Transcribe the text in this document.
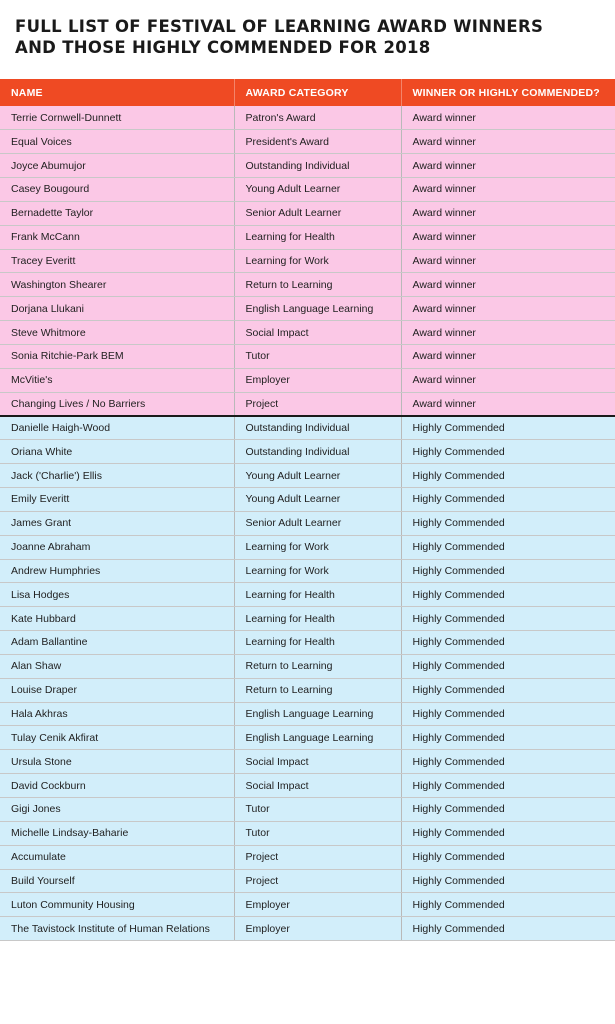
FULL LIST OF FESTIVAL OF LEARNING AWARD WINNERS
AND THOSE HIGHLY COMMENDED FOR 2018
NAME	AWARD CATEGORY	WINNER OR HIGHLY COMMENDED?
Terrie Cornwell-Dunnett	Patron's Award	Award winner
Equal Voices	President's Award	Award winner
Joyce Abumujor	Outstanding Individual	Award winner
Casey Bougourd	Young Adult Learner	Award winner
Bernadette Taylor	Senior Adult Learner	Award winner
Frank McCann	Learning for Health	Award winner
Tracey Everitt	Learning for Work	Award winner
Washington Shearer	Return to Learning	Award winner
Dorjana Llukani	English Language Learning	Award winner
Steve Whitmore	Social Impact	Award winner
Sonia Ritchie-Park BEM	Tutor	Award winner
McVitie's	Employer	Award winner
Changing Lives / No Barriers	Project	Award winner
Danielle Haigh-Wood	Outstanding Individual	Highly Commended
Oriana White	Outstanding Individual	Highly Commended
Jack ('Charlie') Ellis	Young Adult Learner	Highly Commended
Emily Everitt	Young Adult Learner	Highly Commended
James Grant	Senior Adult Learner	Highly Commended
Joanne Abraham	Learning for Work	Highly Commended
Andrew Humphries	Learning for Work	Highly Commended
Lisa Hodges	Learning for Health	Highly Commended
Kate Hubbard	Learning for Health	Highly Commended
Adam Ballantine	Learning for Health	Highly Commended
Alan Shaw	Return to Learning	Highly Commended
Louise Draper	Return to Learning	Highly Commended
Hala Akhras	English Language Learning	Highly Commended
Tulay Cenik Akfirat	English Language Learning	Highly Commended
Ursula Stone	Social Impact	Highly Commended
David Cockburn	Social Impact	Highly Commended
Gigi Jones	Tutor	Highly Commended
Michelle Lindsay-Baharie	Tutor	Highly Commended
Accumulate	Project	Highly Commended
Build Yourself	Project	Highly Commended
Luton Community Housing	Employer	Highly Commended
The Tavistock Institute of Human Relations	Employer	Highly Commended
